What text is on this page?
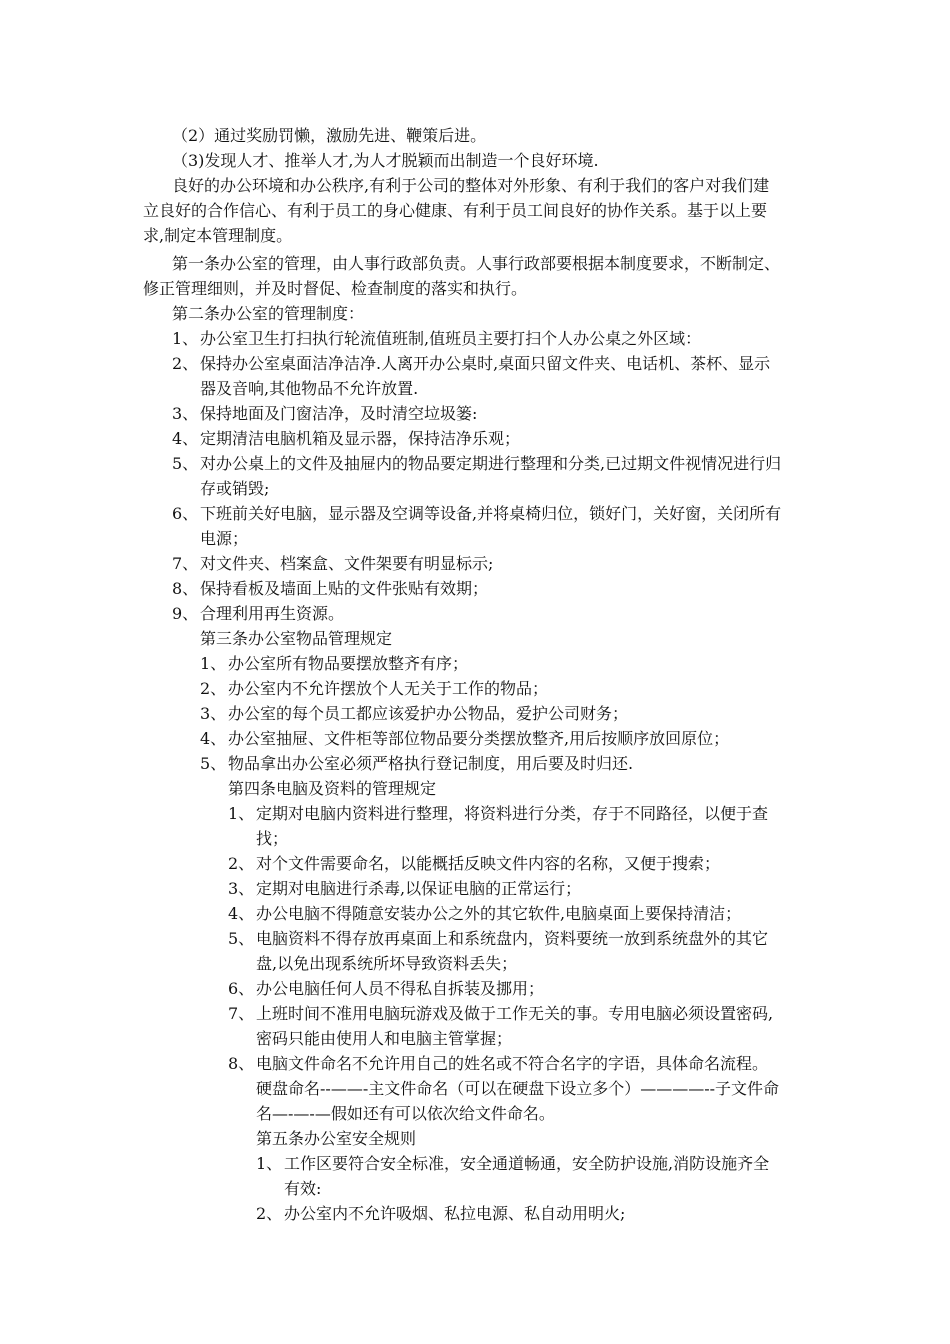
（2）通过奖励罚懒，激励先进、鞭策后进。
（3)发现人才、推举人才,为人才脱颖而出制造一个良好环境.
良好的办公环境和办公秩序,有利于公司的整体对外形象、有利于我们的客户对我们建
立良好的合作信心、有利于员工的身心健康、有利于员工间良好的协作关系。基于以上要
求,制定本管理制度。
第一条办公室的管理，由人事行政部负责。人事行政部要根据本制度要求，不断制定、
修正管理细则，并及时督促、检查制度的落实和执行。
第二条办公室的管理制度：
1、 办公室卫生打扫执行轮流值班制,值班员主要打扫个人办公桌之外区域：
2、 保持办公室桌面洁净洁净.人离开办公桌时,桌面只留文件夹、电话机、茶杯、显示
器及音响,其他物品不允许放置.
3、 保持地面及门窗洁净，及时清空垃圾篓:
4、 定期清洁电脑机箱及显示器，保持洁净乐观；
5、 对办公桌上的文件及抽屉内的物品要定期进行整理和分类,已过期文件视情况进行归
存或销毁;
6、 下班前关好电脑，显示器及空调等设备,并将桌椅归位，锁好门，关好窗，关闭所有
电源；
7、 对文件夹、档案盒、文件架要有明显标示;
8、 保持看板及墙面上贴的文件张贴有效期；
9、 合理利用再生资源。
第三条办公室物品管理规定
1、 办公室所有物品要摆放整齐有序；
2、 办公室内不允许摆放个人无关于工作的物品；
3、 办公室的每个员工都应该爱护办公物品，爱护公司财务；
4、 办公室抽屉、文件柜等部位物品要分类摆放整齐,用后按顺序放回原位；
5、 物品拿出办公室必须严格执行登记制度，用后要及时归还.
第四条电脑及资料的管理规定
1、 定期对电脑内资料进行整理，将资料进行分类，存于不同路径，以便于查
找；
2、 对个文件需要命名，以能概括反映文件内容的名称，又便于搜索；
3、 定期对电脑进行杀毒,以保证电脑的正常运行；
4、 办公电脑不得随意安装办公之外的其它软件,电脑桌面上要保持清洁；
5、 电脑资料不得存放再桌面上和系统盘内，资料要统一放到系统盘外的其它
盘,以免出现系统所坏导致资料丢失；
6、 办公电脑任何人员不得私自拆装及挪用；
7、 上班时间不准用电脑玩游戏及做于工作无关的事。专用电脑必须设置密码,
密码只能由使用人和电脑主管掌握；
8、 电脑文件命名不允许用自己的姓名或不符合名字的字语，具体命名流程。
硬盘命名--——-主文件命名（可以在硬盘下设立多个）————--子文件命
名—-—-—假如还有可以依次给文件命名。
第五条办公室安全规则
1、 工作区要符合安全标准，安全通道畅通，安全防护设施,消防设施齐全
有效:
2、 办公室内不允许吸烟、私拉电源、私自动用明火;
